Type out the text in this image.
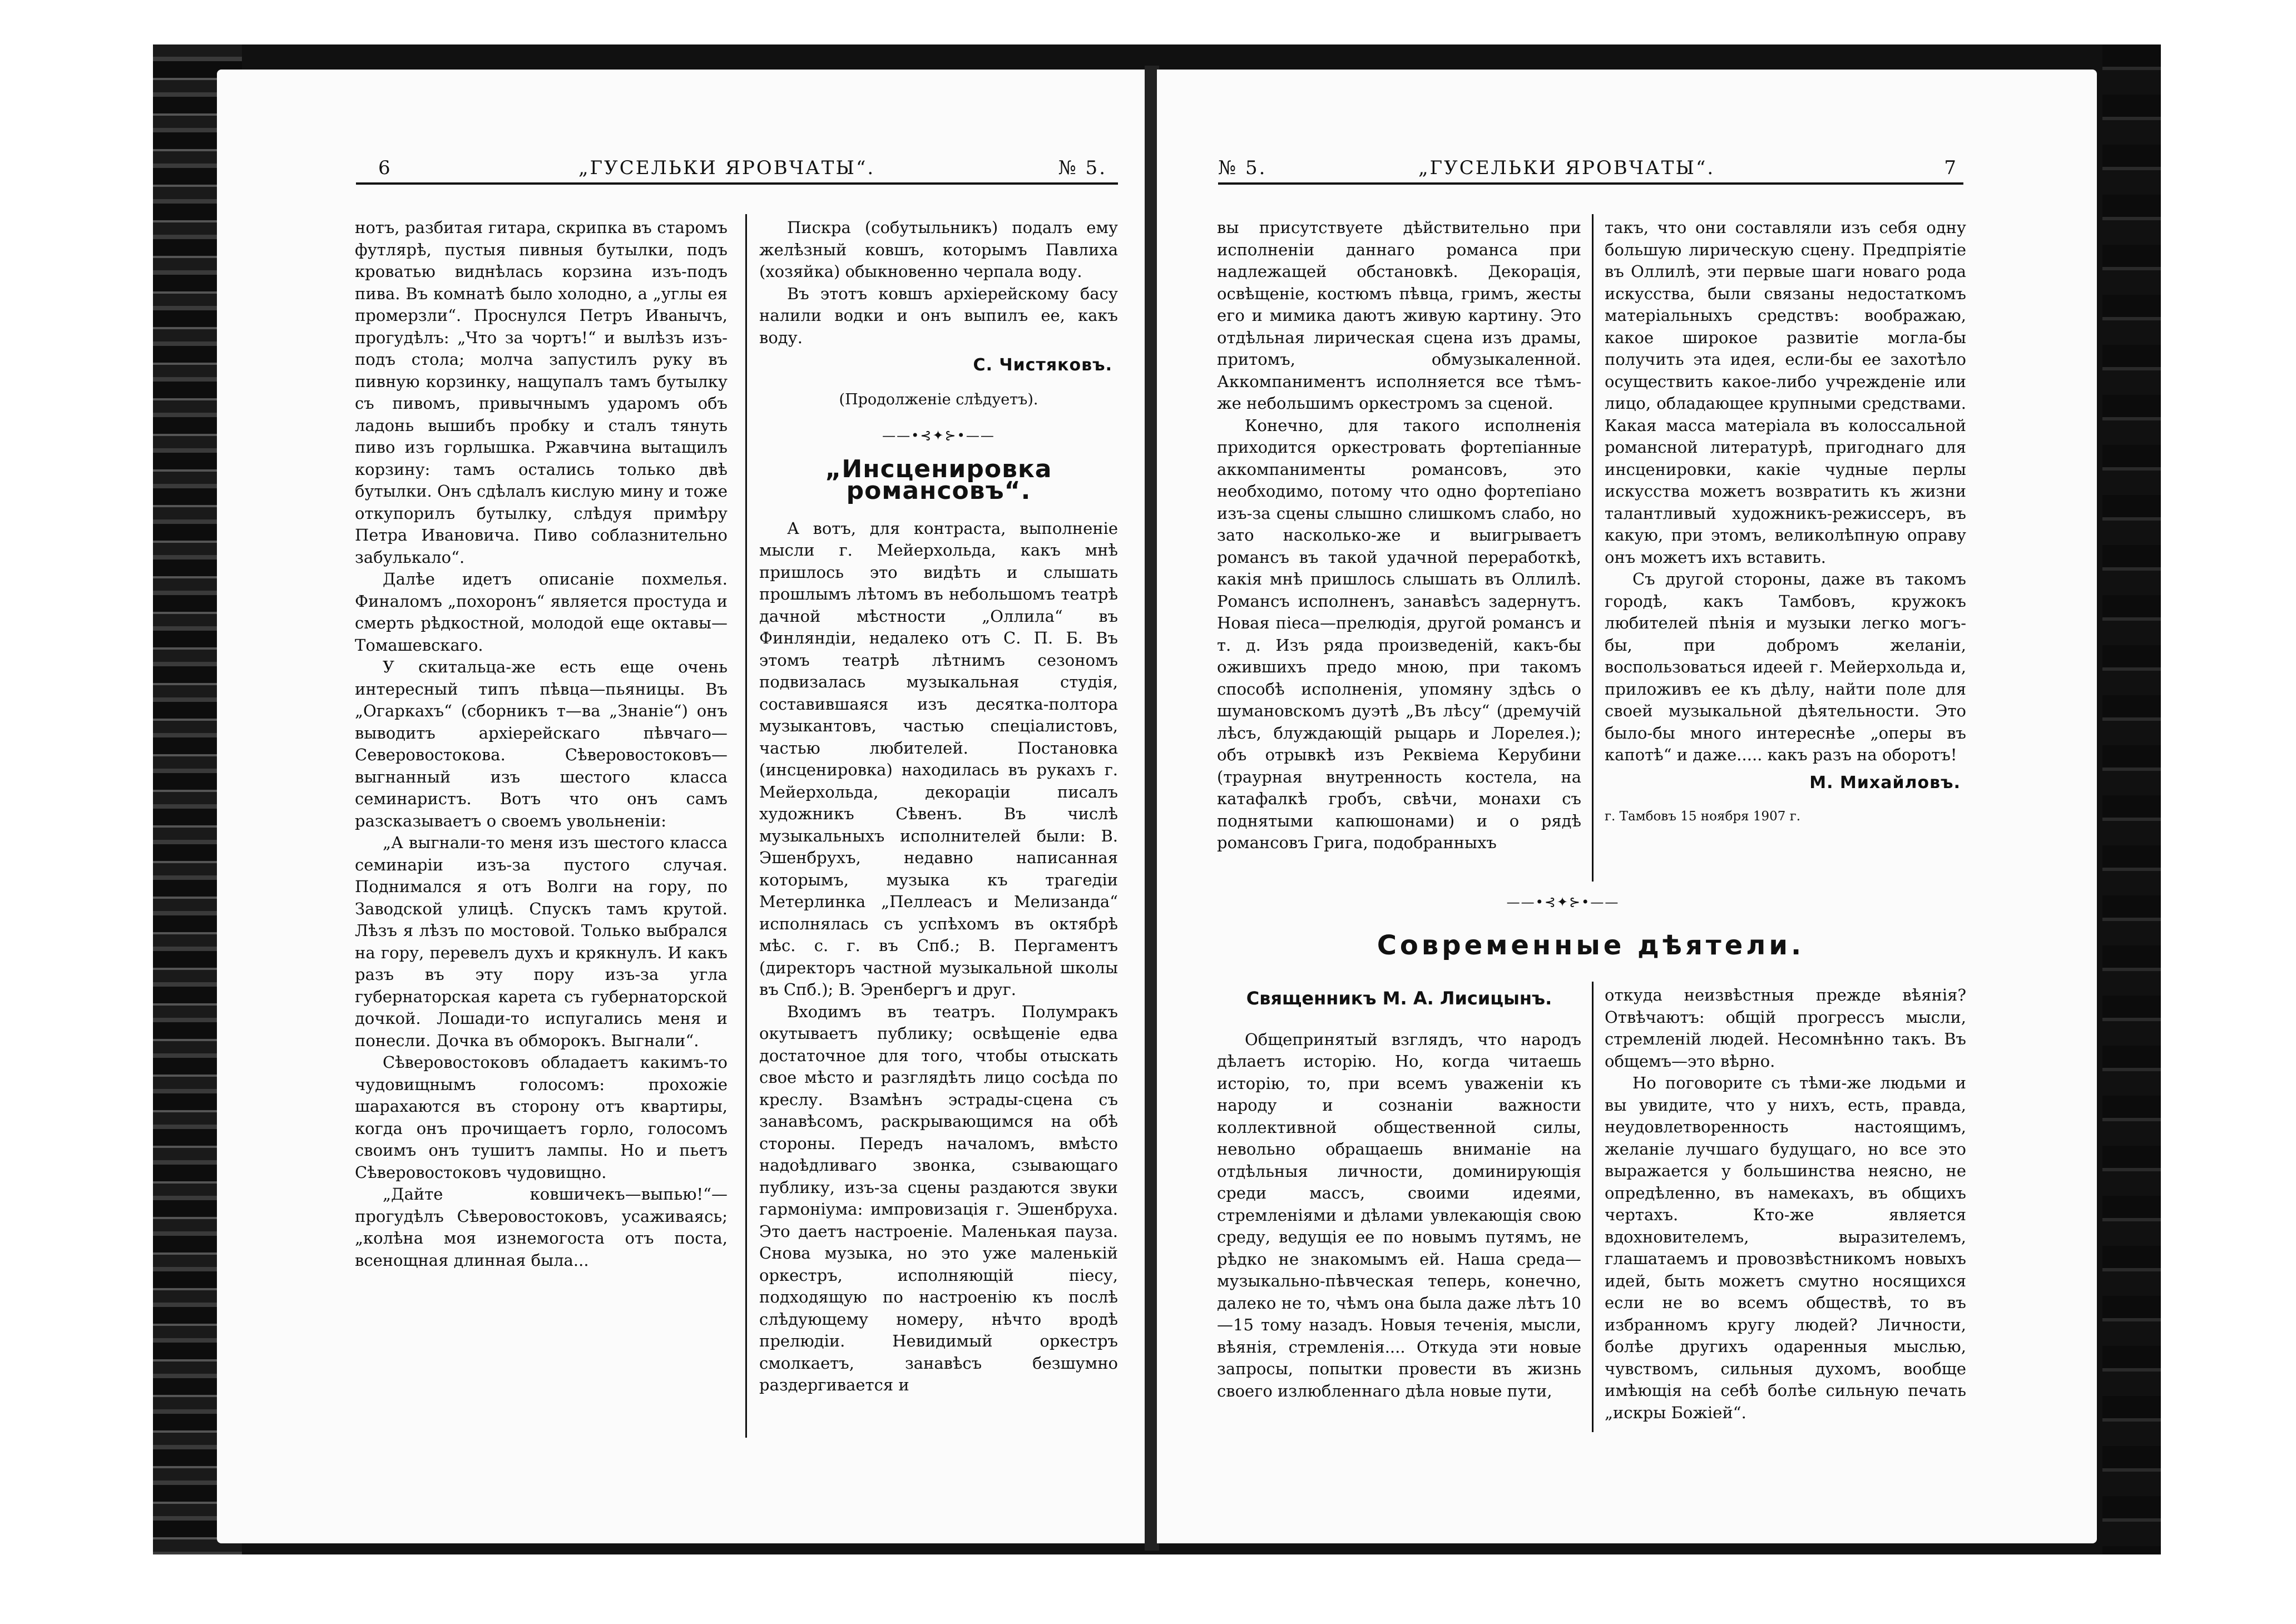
6	„ГУСЕЛЬКИ ЯРОВЧАТЫ“.	№ 5.	№ 5.	„ГУСЕЛЬКИ ЯРОВЧАТЫ“.	7

нотъ, разбитая гитара, скрипка въ старомъ футлярѣ, пустыя пивныя бутылки, подъ кроватью виднѣлась корзина изъ-подъ пива. Въ комнатѣ было холодно, а „углы ея промерзли“. Проснулся Петръ Иванычъ, прогудѣлъ: „Что за чортъ!“ и вылѣзъ изъ-подъ стола; молча запустилъ руку въ пивную корзинку, нащупалъ тамъ бутылку съ пивомъ, привычнымъ ударомъ объ ладонь вышибъ пробку и сталъ тянуть пиво изъ горлышка. Ржавчина вытащилъ корзину: тамъ остались только двѣ бутылки. Онъ сдѣлалъ кислую мину и тоже откупорилъ бутылку, слѣдуя примѣру Петра Ивановича. Пиво соблазнительно забулькало“.

Далѣе идетъ описаніе похмелья. Финаломъ „похоронъ“ является простуда и смерть рѣдкостной, молодой еще октавы—Томашевскаго.

У скитальца-же есть еще очень интересный типъ пѣвца—пьяницы. Въ „Огаркахъ“ (сборникъ т—ва „Знаніе“) онъ выводитъ архіерейскаго пѣвчаго—Северовостокова. Сѣверовостоковъ—выгнанный изъ шестого класса семинаристъ. Вотъ что онъ самъ разсказываетъ о своемъ увольненіи:

„А выгнали-то меня изъ шестого класса семинаріи изъ-за пустого случая. Поднимался я отъ Волги на гору, по Заводской улицѣ. Спускъ тамъ крутой. Лѣзъ я лѣзъ по мостовой. Только выбрался на гору, перевелъ духъ и крякнулъ. И какъ разъ въ эту пору изъ-за угла губернаторская карета съ губернаторской дочкой. Лошади-то испугались меня и понесли. Дочка въ обморокъ. Выгнали“.

Сѣверовостоковъ обладаетъ какимъ-то чудовищнымъ голосомъ: прохожіе шарахаются въ сторону отъ квартиры, когда онъ прочищаетъ горло, голосомъ своимъ онъ тушитъ лампы. Но и пьетъ Сѣверовостоковъ чудовищно.

„Дайте ковшичекъ—выпью!“—прогудѣлъ Сѣверовостоковъ, усаживаясь; „колѣна моя изнемогоста отъ поста, всенощная длинная была...

Пискра (собутыльникъ) подалъ ему желѣзный ковшъ, которымъ Павлиха (хозяйка) обыкновенно черпала воду.

Въ этотъ ковшъ архіерейскому басу налили водки и онъ выпилъ ее, какъ воду.

С. Чистяковъ.
(Продолженіе слѣдуетъ).
——•⊰✦⊱•——
„Инсценировка романсовъ“.

А вотъ, для контраста, выполненіе мысли г. Мейерхольда, какъ мнѣ пришлось это видѣть и слышать прошлымъ лѣтомъ въ небольшомъ театрѣ дачной мѣстности „Оллила“ въ Финляндіи, недалеко отъ С. П. Б. Въ этомъ театрѣ лѣтнимъ сезономъ подвизалась музыкальная студія, составившаяся изъ десятка-полтора музыкантовъ, частью спеціалистовъ, частью любителей. Постановка (инсценировка) находилась въ рукахъ г. Мейерхольда, декораціи писалъ художникъ Сѣвенъ. Въ числѣ музыкальныхъ исполнителей были: В. Эшенбрухъ, недавно написанная которымъ, музыка къ трагедіи Метерлинка „Пеллеасъ и Мелизанда“ исполнялась съ успѣхомъ въ октябрѣ мѣс. с. г. въ Спб.; В. Пергаментъ (директоръ частной музыкальной школы въ Спб.); В. Эренбергъ и друг.

Входимъ въ театръ. Полумракъ окутываетъ публику; освѣщеніе едва достаточное для того, чтобы отыскать свое мѣсто и разглядѣть лицо сосѣда по креслу. Взамѣнъ эстрады-сцена съ занавѣсомъ, раскрывающимся на обѣ стороны. Передъ началомъ, вмѣсто надоѣдливаго звонка, сзывающаго публику, изъ-за сцены раздаются звуки гармоніума: импровизація г. Эшенбруха. Это даетъ настроеніе. Маленькая пауза. Снова музыка, но это уже маленькій оркестръ, исполняющій піесу, подходящую по настроенію къ послѣ слѣдующему номеру, нѣчто вродѣ прелюдіи. Невидимый оркестръ смолкаетъ, занавѣсъ безшумно раздергивается и

вы присутствуете дѣйствительно при исполненіи даннаго романса при надлежащей обстановкѣ. Декорація, освѣщеніе, костюмъ пѣвца, гримъ, жесты его и мимика даютъ живую картину. Это отдѣльная лирическая сцена изъ драмы, притомъ, обмузыкаленной. Аккомпаниментъ исполняется все тѣмъ-же небольшимъ оркестромъ за сценой.

Конечно, для такого исполненія приходится оркестровать фортепіанные аккомпанименты романсовъ, это необходимо, потому что одно фортепіано изъ-за сцены слышно слишкомъ слабо, но зато насколько-же и выигрываетъ романсъ въ такой удачной переработкѣ, какія мнѣ пришлось слышать въ Оллилѣ. Романсъ исполненъ, занавѣсъ задернутъ. Новая піеса—прелюдія, другой романсъ и т. д. Изъ ряда произведеній, какъ-бы ожившихъ предо мною, при такомъ способѣ исполненія, упомяну здѣсь о шумановскомъ дуэтѣ „Въ лѣсу“ (дремучій лѣсъ, блуждающій рыцарь и Лорелея.); объ отрывкѣ изъ Реквіема Керубини (траурная внутренность костела, на катафалкѣ гробъ, свѣчи, монахи съ поднятыми капюшонами) и о рядѣ романсовъ Грига, подобранныхъ

такъ, что они составляли изъ себя одну большую лирическую сцену. Предпріятіе въ Оллилѣ, эти первые шаги новаго рода искусства, были связаны недостаткомъ матеріальныхъ средствъ: воображаю, какое широкое развитіе могла-бы получить эта идея, если-бы ее захотѣло осуществить какое-либо учрежденіе или лицо, обладающее крупными средствами. Какая масса матеріала въ колоссальной романсной литературѣ, пригоднаго для инсценировки, какіе чудные перлы искусства можетъ возвратить къ жизни талантливый художникъ-режиссеръ, въ какую, при этомъ, великолѣпную оправу онъ можетъ ихъ вставить.

Съ другой стороны, даже въ такомъ городѣ, какъ Тамбовъ, кружокъ любителей пѣнія и музыки легко могъ-бы, при добромъ желаніи, воспользоваться идеей г. Мейерхольда и, приложивъ ее къ дѣлу, найти поле для своей музыкальной дѣятельности. Это было-бы много интереснѣе „оперы въ капотѣ“ и даже..... какъ разъ на оборотъ!

М. Михайловъ.
г. Тамбовъ 15 ноября 1907 г.
——•⊰✦⊱•——
Современные дѣятели.
Священникъ М. А. Лисицынъ.

Общепринятый взглядъ, что народъ дѣлаетъ исторію. Но, когда читаешь исторію, то, при всемъ уваженіи къ народу и сознаніи важности коллективной общественной силы, невольно обращаешь вниманіе на отдѣльныя личности, доминирующія среди массъ, своими идеями, стремленіями и дѣлами увлекающія свою среду, ведущія ее по новымъ путямъ, не рѣдко не знакомымъ ей. Наша среда—музыкально-пѣвческая теперь, конечно, далеко не то, чѣмъ она была даже лѣтъ 10—15 тому назадъ. Новыя теченія, мысли, вѣянія, стремленія.... Откуда эти новые запросы, попытки провести въ жизнь своего излюбленнаго дѣла новые пути,

откуда неизвѣстныя прежде вѣянія? Отвѣчаютъ: общій прогрессъ мысли, стремленій людей. Несомнѣнно такъ. Въ общемъ—это вѣрно.

Но поговорите съ тѣми-же людьми и вы увидите, что у нихъ, есть, правда, неудовлетворенность настоящимъ, желаніе лучшаго будущаго, но все это выражается у большинства неясно, не опредѣленно, въ намекахъ, въ общихъ чертахъ. Кто-же является вдохновителемъ, выразителемъ, глашатаемъ и провозвѣстникомъ новыхъ идей, быть можетъ смутно носящихся если не во всемъ обществѣ, то въ избранномъ кругу людей? Личности, болѣе другихъ одаренныя мыслью, чувствомъ, сильныя духомъ, вообще имѣющія на себѣ болѣе сильную печать „искры Божіей“.
